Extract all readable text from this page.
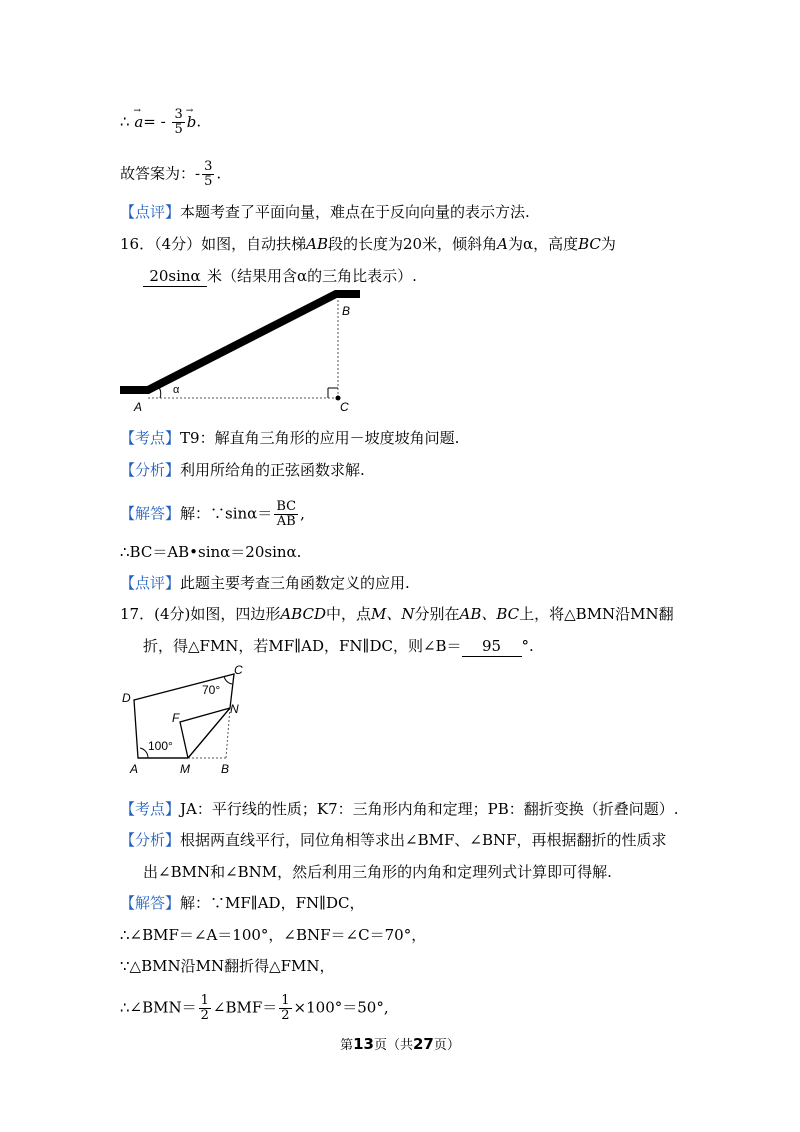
∴ → $a= - \frac{3}{5}$
→ b.
故答案为：- $\frac{3}{5}$ .
【点评】本题考查了平面向量，难点在于反向向量的表示方法.
16．（4分）如图，自动扶梯AB段的长度为20米，倾斜角A为α，高度BC为
20sinα 米（结果用含α的三角比表示）.
A
B
C
α
【考点】T9：解直角三角形的应用－坡度坡角问题.
【分析】利用所给角的正弦函数求解.
【解答】解：∵sinα＝ $\frac{BC}{AB}$ ,
∴BC＝AB•sinα＝20sinα.
【点评】此题主要考查三角函数定义的应用.
17．(4分)如图，四边形ABCD中，点M、N分别在AB、BC上，将△BMN沿MN翻
折，得△FMN，若MF∥AD，FN∥DC，则∠B＝ 95 °.
D
C
F
N
A	M	B
70°
100°
【考点】JA：平行线的性质；K7：三角形内角和定理；PB：翻折变换（折叠问题）.
【分析】根据两直线平行，同位角相等求出∠BMF、∠BNF，再根据翻折的性质求
出∠BMN和∠BNM，然后利用三角形的内角和定理列式计算即可得解.
【解答】解：∵MF∥AD，FN∥DC，
∴∠BMF＝∠A＝100°，∠BNF＝∠C＝70°，
∵△BMN沿MN翻折得△FMN，
∴∠BMN＝ $\frac{1}{2}$ ∠BMF＝ $\frac{1}{2} \times 100^\circ=50^\circ$,
第13页（共27页）
